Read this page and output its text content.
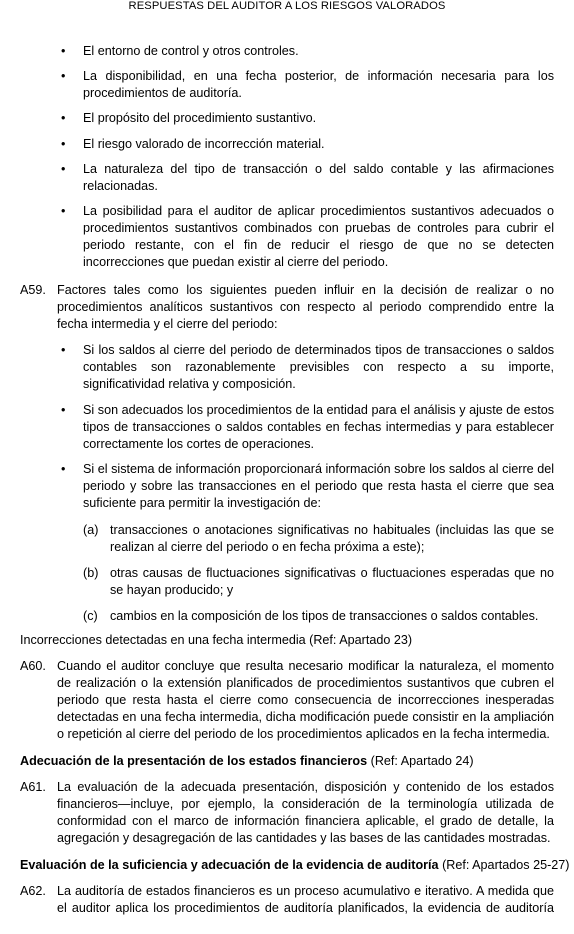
RESPUESTAS DEL AUDITOR A LOS RIESGOS VALORADOS
• El entorno de control y otros controles.
• La disponibilidad, en una fecha posterior, de información necesaria para los procedimientos de auditoría.
• El propósito del procedimiento sustantivo.
• El riesgo valorado de incorrección material.
• La naturaleza del tipo de transacción o del saldo contable y las afirmaciones relacionadas.
• La posibilidad para el auditor de aplicar procedimientos sustantivos adecuados o procedimientos sustantivos combinados con pruebas de controles para cubrir el periodo restante, con el fin de reducir el riesgo de que no se detecten incorrecciones que puedan existir al cierre del periodo.
A59. Factores tales como los siguientes pueden influir en la decisión de realizar o no procedimientos analíticos sustantivos con respecto al periodo comprendido entre la fecha intermedia y el cierre del periodo:
• Si los saldos al cierre del periodo de determinados tipos de transacciones o saldos contables son razonablemente previsibles con respecto a su importe, significatividad relativa y composición.
• Si son adecuados los procedimientos de la entidad para el análisis y ajuste de estos tipos de transacciones o saldos contables en fechas intermedias y para establecer correctamente los cortes de operaciones.
• Si el sistema de información proporcionará información sobre los saldos al cierre del periodo y sobre las transacciones en el periodo que resta hasta el cierre que sea suficiente para permitir la investigación de:
(a) transacciones o anotaciones significativas no habituales (incluidas las que se realizan al cierre del periodo o en fecha próxima a este);
(b) otras causas de fluctuaciones significativas o fluctuaciones esperadas que no se hayan producido; y
(c) cambios en la composición de los tipos de transacciones o saldos contables.
Incorrecciones detectadas en una fecha intermedia (Ref: Apartado 23)
A60. Cuando el auditor concluye que resulta necesario modificar la naturaleza, el momento de realización o la extensión planificados de procedimientos sustantivos que cubren el periodo que resta hasta el cierre como consecuencia de incorrecciones inesperadas detectadas en una fecha intermedia, dicha modificación puede consistir en la ampliación o repetición al cierre del periodo de los procedimientos aplicados en la fecha intermedia.
Adecuación de la presentación de los estados financieros (Ref: Apartado 24)
A61. La evaluación de la adecuada presentación, disposición y contenido de los estados financieros—incluye, por ejemplo, la consideración de la terminología utilizada de conformidad con el marco de información financiera aplicable, el grado de detalle, la agregación y desagregación de las cantidades y las bases de las cantidades mostradas.
Evaluación de la suficiencia y adecuación de la evidencia de auditoría (Ref: Apartados 25-27)
A62. La auditoría de estados financieros es un proceso acumulativo e iterativo. A medida que el auditor aplica los procedimientos de auditoría planificados, la evidencia de auditoría
